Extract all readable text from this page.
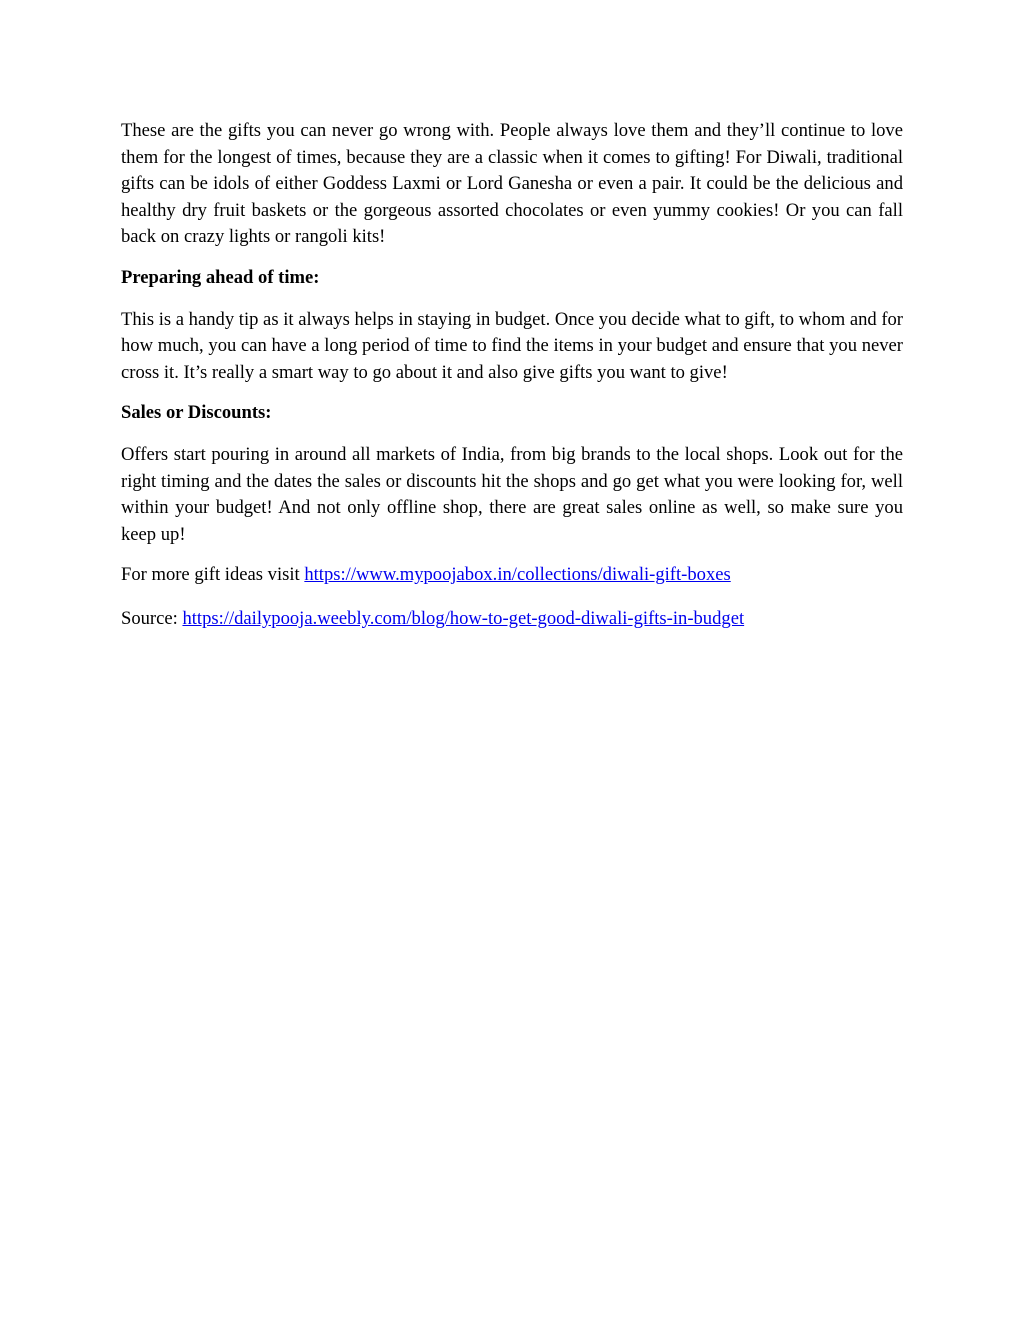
These are the gifts you can never go wrong with. People always love them and they’ll continue to love them for the longest of times, because they are a classic when it comes to gifting! For Diwali, traditional gifts can be idols of either Goddess Laxmi or Lord Ganesha or even a pair. It could be the delicious and healthy dry fruit baskets or the gorgeous assorted chocolates or even yummy cookies! Or you can fall back on crazy lights or rangoli kits!

Preparing ahead of time:

This is a handy tip as it always helps in staying in budget. Once you decide what to gift, to whom and for how much, you can have a long period of time to find the items in your budget and ensure that you never cross it. It’s really a smart way to go about it and also give gifts you want to give!

Sales or Discounts:

Offers start pouring in around all markets of India, from big brands to the local shops. Look out for the right timing and the dates the sales or discounts hit the shops and go get what you were looking for, well within your budget! And not only offline shop, there are great sales online as well, so make sure you keep up!

For more gift ideas visit https://www.mypoojabox.in/collections/diwali-gift-boxes

Source: https://dailypooja.weebly.com/blog/how-to-get-good-diwali-gifts-in-budget
